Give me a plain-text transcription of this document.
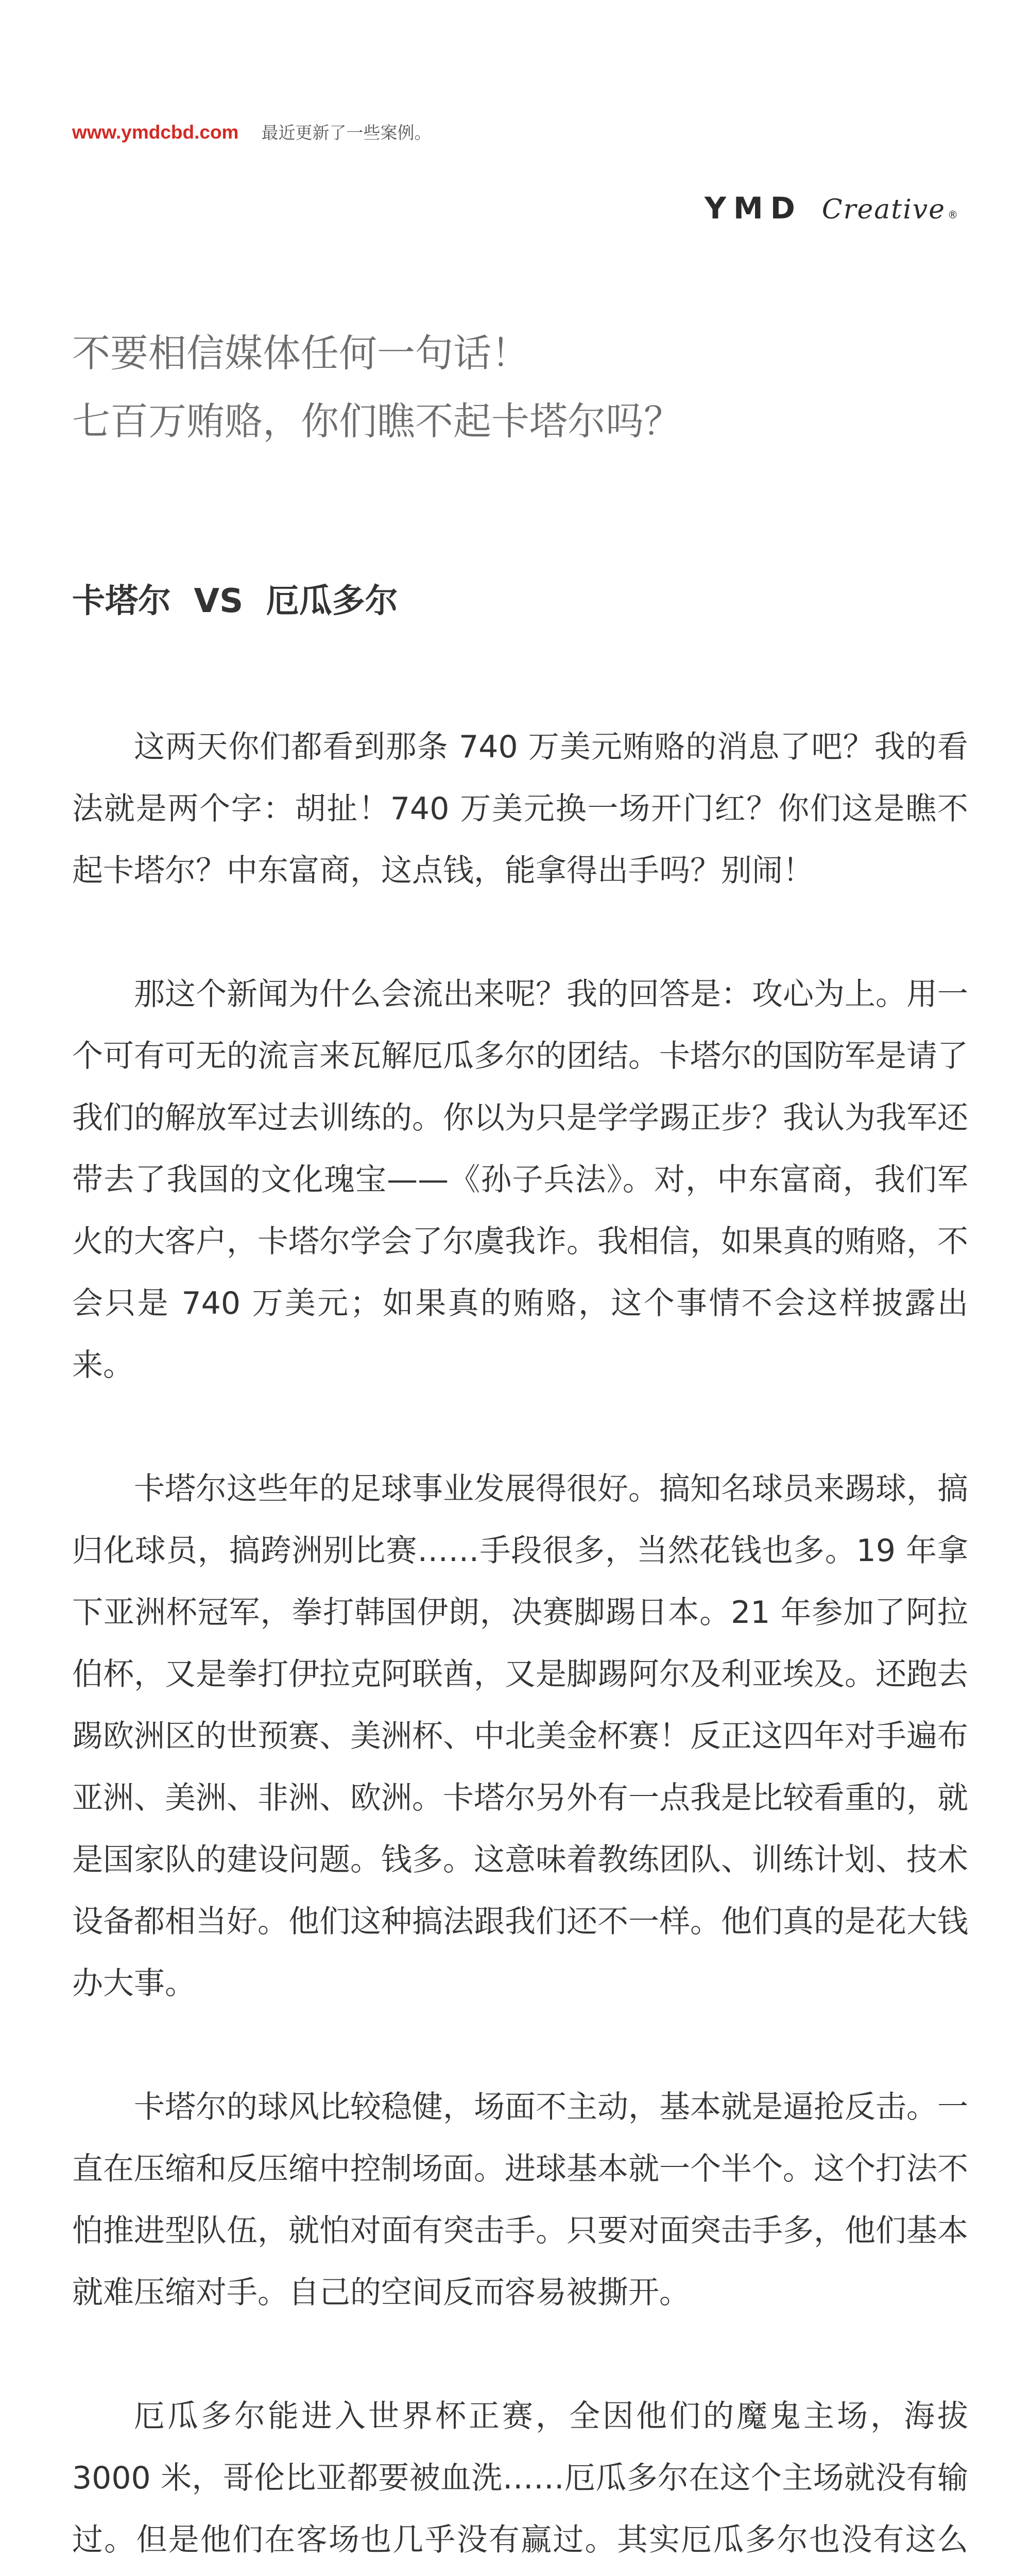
www.ymdcbd.com 最近更新了一些案例。
YMD Creative ®
不要相信媒体任何一句话！
七百万贿赂，你们瞧不起卡塔尔吗？
卡塔尔  VS  厄瓜多尔

这两天你们都看到那条 740 万美元贿赂的消息了吧？我的看法就是两个字：胡扯！740 万美元换一场开门红？你们这是瞧不起卡塔尔？中东富商，这点钱，能拿得出手吗？别闹！

那这个新闻为什么会流出来呢？我的回答是：攻心为上。用一个可有可无的流言来瓦解厄瓜多尔的团结。卡塔尔的国防军是请了我们的解放军过去训练的。你以为只是学学踢正步？我认为我军还带去了我国的文化瑰宝——《孙子兵法》。对，中东富商，我们军火的大客户，卡塔尔学会了尔虞我诈。我相信，如果真的贿赂，不会只是 740 万美元；如果真的贿赂，这个事情不会这样披露出来。

卡塔尔这些年的足球事业发展得很好。搞知名球员来踢球，搞归化球员，搞跨洲别比赛……手段很多，当然花钱也多。19 年拿下亚洲杯冠军，拳打韩国伊朗，决赛脚踢日本。21 年参加了阿拉伯杯，又是拳打伊拉克阿联酋，又是脚踢阿尔及利亚埃及。还跑去踢欧洲区的世预赛、美洲杯、中北美金杯赛！反正这四年对手遍布亚洲、美洲、非洲、欧洲。卡塔尔另外有一点我是比较看重的，就是国家队的建设问题。钱多。这意味着教练团队、训练计划、技术设备都相当好。他们这种搞法跟我们还不一样。他们真的是花大钱办大事。

卡塔尔的球风比较稳健，场面不主动，基本就是逼抢反击。一直在压缩和反压缩中控制场面。进球基本就一个半个。这个打法不怕推进型队伍，就怕对面有突击手。只要对面突击手多，他们基本就难压缩对手。自己的空间反而容易被撕开。

厄瓜多尔能进入世界杯正赛，全因他们的魔鬼主场，海拔 3000 米，哥伦比亚都要被血洗……厄瓜多尔在这个主场就没有输过。但是他们在客场也几乎没有赢过。其实厄瓜多尔也没有这么
